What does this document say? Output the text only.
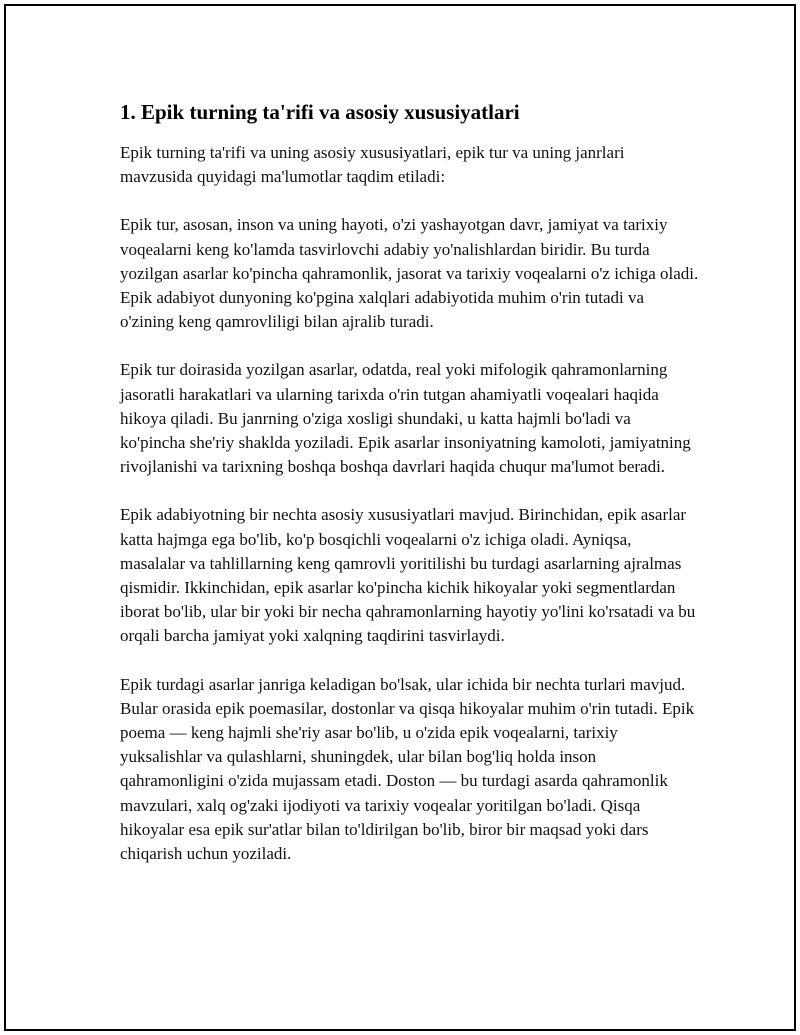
1. Epik turning ta'rifi va asosiy xususiyatlari

Epik turning ta'rifi va uning asosiy xususiyatlari, epik tur va uning janrlari mavzusida quyidagi ma'lumotlar taqdim etiladi:

Epik tur, asosan, inson va uning hayoti, o'zi yashayotgan davr, jamiyat va tarixiy voqealarni keng ko'lamda tasvirlovchi adabiy yo'nalishlardan biridir. Bu turda yozilgan asarlar ko'pincha qahramonlik, jasorat va tarixiy voqealarni o'z ichiga oladi. Epik adabiyot dunyoning ko'pgina xalqlari adabiyotida muhim o'rin tutadi va o'zining keng qamrovliligi bilan ajralib turadi.

Epik tur doirasida yozilgan asarlar, odatda, real yoki mifologik qahramonlarning jasoratli harakatlari va ularning tarixda o'rin tutgan ahamiyatli voqealari haqida hikoya qiladi. Bu janrning o'ziga xosligi shundaki, u katta hajmli bo'ladi va ko'pincha she'riy shaklda yoziladi. Epik asarlar insoniyatning kamoloti, jamiyatning rivojlanishi va tarixning boshqa boshqa davrlari haqida chuqur ma'lumot beradi.

Epik adabiyotning bir nechta asosiy xususiyatlari mavjud. Birinchidan, epik asarlar katta hajmga ega bo'lib, ko'p bosqichli voqealarni o'z ichiga oladi. Ayniqsa, masalalar va tahlillarning keng qamrovli yoritilishi bu turdagi asarlarning ajralmas qismidir. Ikkinchidan, epik asarlar ko'pincha kichik hikoyalar yoki segmentlardan iborat bo'lib, ular bir yoki bir necha qahramonlarning hayotiy yo'lini ko'rsatadi va bu orqali barcha jamiyat yoki xalqning taqdirini tasvirlaydi.

Epik turdagi asarlar janriga keladigan bo'lsak, ular ichida bir nechta turlari mavjud. Bular orasida epik poemasilar, dostonlar va qisqa hikoyalar muhim o'rin tutadi. Epik poema — keng hajmli she'riy asar bo'lib, u o'zida epik voqealarni, tarixiy yuksalishlar va qulashlarni, shuningdek, ular bilan bog'liq holda inson qahramonligini o'zida mujassam etadi. Doston — bu turdagi asarda qahramonlik mavzulari, xalq og'zaki ijodiyoti va tarixiy voqealar yoritilgan bo'ladi. Qisqa hikoyalar esa epik sur'atlar bilan to'ldirilgan bo'lib, biror bir maqsad yoki dars chiqarish uchun yoziladi.
